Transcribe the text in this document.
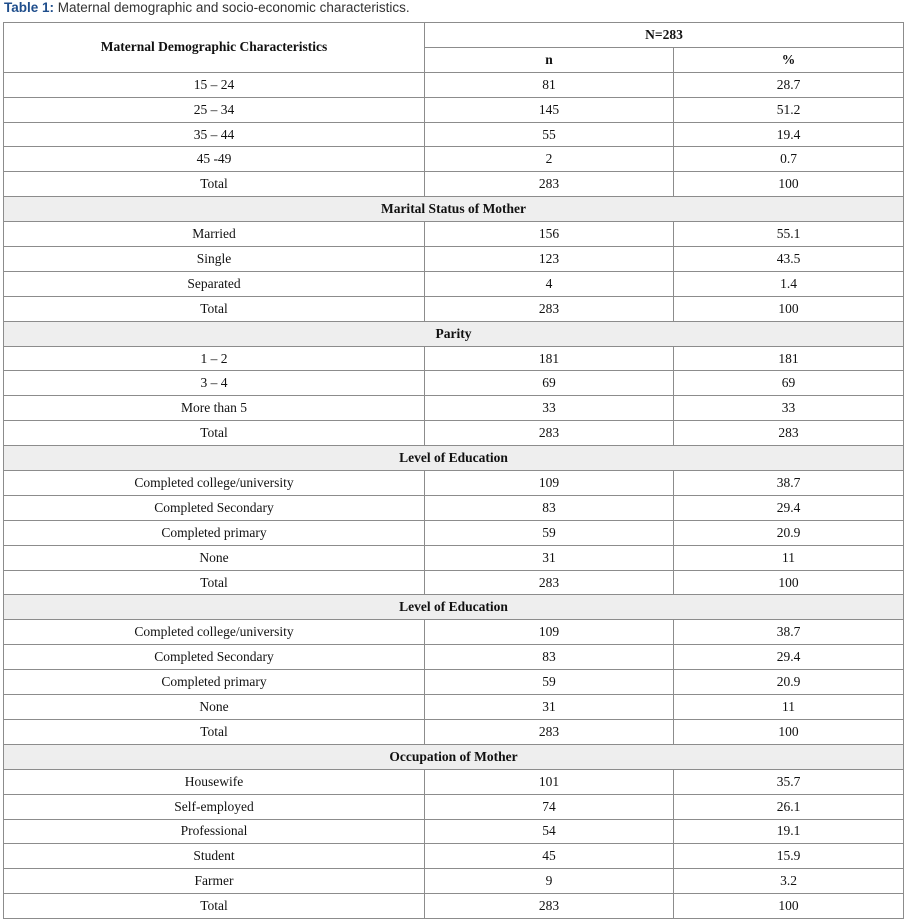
Table 1: Maternal demographic and socio-economic characteristics.
Maternal Demographic Characteristics	N=283	
	n	%
15 – 24	81	28.7
25 – 34	145	51.2
35 – 44	55	19.4
45 -49	2	0.7
Total	283	100
Marital Status of Mother		
Married	156	55.1
Single	123	43.5
Separated	4	1.4
Total	283	100
Parity		
1 – 2	181	181
3 – 4	69	69
More than 5	33	33
Total	283	283
Level of Education		
Completed college/university	109	38.7
Completed Secondary	83	29.4
Completed primary	59	20.9
None	31	11
Total	283	100
Level of Education		
Completed college/university	109	38.7
Completed Secondary	83	29.4
Completed primary	59	20.9
None	31	11
Total	283	100
Occupation of Mother		
Housewife	101	35.7
Self-employed	74	26.1
Professional	54	19.1
Student	45	15.9
Farmer	9	3.2
Total	283	100
